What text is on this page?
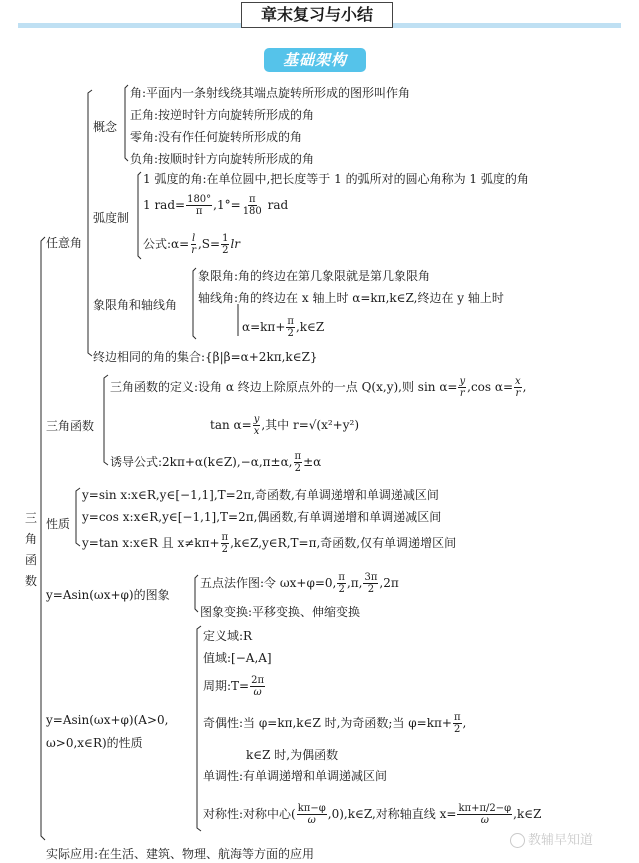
章末复习与小结
基础架构
三角函数
任意角
概念
角:平面内一条射线绕其端点旋转所形成的图形叫作角
正角:按逆时针方向旋转所形成的角
零角:没有作任何旋转所形成的角
负角:按顺时针方向旋转所形成的角
弧度制
1 弧度的角:在单位圆中,把长度等于 1 的弧所对的圆心角称为 1 弧度的角
1 $rad= \frac{180^\circ}{\pi} ,1^\circ= \frac{\pi}{180}$ rad
公式:α= $\frac{l}{r} ,S= \frac{1}{2}$ lr
象限角和轴线角
象限角:角的终边在第几象限就是第几象限角
轴线角:角的终边在 x 轴上时 α=kπ,k∈Z,终边在 y 轴上时
$\alpha=k\pi+ \frac{\pi}{2}$ ,k∈Z
终边相同的角的集合:{β|β=α+2kπ,k∈Z}
三角函数
三角函数的定义:设角 α 终边上除原点外的一点 Q(x,y),则 $\sin \alpha= \frac{y}{r} ,\cos$ $\alpha= \frac{x}{r}$ ,
$\tan \alpha= \frac{y}{x}$ ,其中 r=√(x²+y²)
诱导公式:2kπ+α(k∈Z),−α,π±α, $\frac{\pi}{2} \pm\alpha$
性质
y=sin x:x∈R,y∈[−1,1],T=2π,奇函数,有单调递增和单调递减区间
y=cos x:x∈R,y∈[−1,1],T=2π,偶函数,有单调递增和单调递减区间
y=tan x:x∈R 且 $x\ne k\pi+ \frac{\pi}{2}$ ,k∈Z,y∈R,T=π,奇函数,仅有单调递增区间
y=Asin(ωx+φ)的图象
五点法作图:令 ωx+φ=0, $\frac{\pi}{2} ,\pi$, $\frac{3\pi}{2} ,2\pi$
图象变换:平移变换、伸缩变换
y=Asin(ωx+φ)(A>0,
ω>0,x∈R)的性质
定义域:R
值域:[−A,A]
周期:T= $\frac{2\pi}{\omega}$
奇偶性:当 φ=kπ,k∈Z 时,为奇函数;当 $\varphi=k\pi+ \frac{\pi}{2}$ ,
k∈Z 时,为偶函数
单调性:有单调递增和单调递减区间
对称性:对称中心( $\frac{k\pi-\varphi}{\omega}$ ,0),k∈Z,对称轴直线 $x= \frac{k\pi+\pi/2-\varphi}{\omega}$ ,k∈Z
实际应用:在生活、建筑、物理、航海等方面的应用
教辅早知道
